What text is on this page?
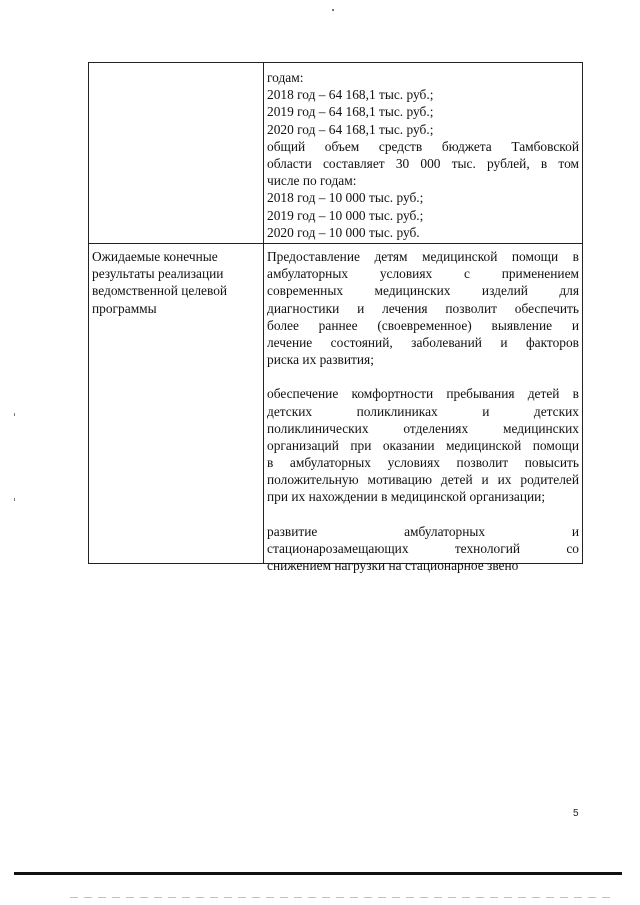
годам:
2018 год – 64 168,1 тыс. руб.;
2019 год – 64 168,1 тыс. руб.;
2020 год – 64 168,1 тыс. руб.;
общий объем средств бюджета Тамбовской
области составляет 30 000 тыс. рублей, в том
числе по годам:
2018 год – 10 000 тыс. руб.;
2019 год – 10 000 тыс. руб.;
2020 год – 10 000 тыс. руб.
Ожидаемые конечные
результаты реализации
ведомственной целевой
программы
Предоставление детям медицинской помощи в
амбулаторных условиях с применением
современных медицинских изделий для
диагностики и лечения позволит обеспечить
более раннее (своевременное) выявление и
лечение состояний, заболеваний и факторов
риска их развития;
обеспечение комфортности пребывания детей в
детских поликлиниках и детских
поликлинических отделениях медицинских
организаций при оказании медицинской помощи
в амбулаторных условиях позволит повысить
положительную мотивацию детей и их родителей
при их нахождении в медицинской организации;
развитие амбулаторных и
стационарозамещающих технологий со
снижением нагрузки на стационарное звено
5
